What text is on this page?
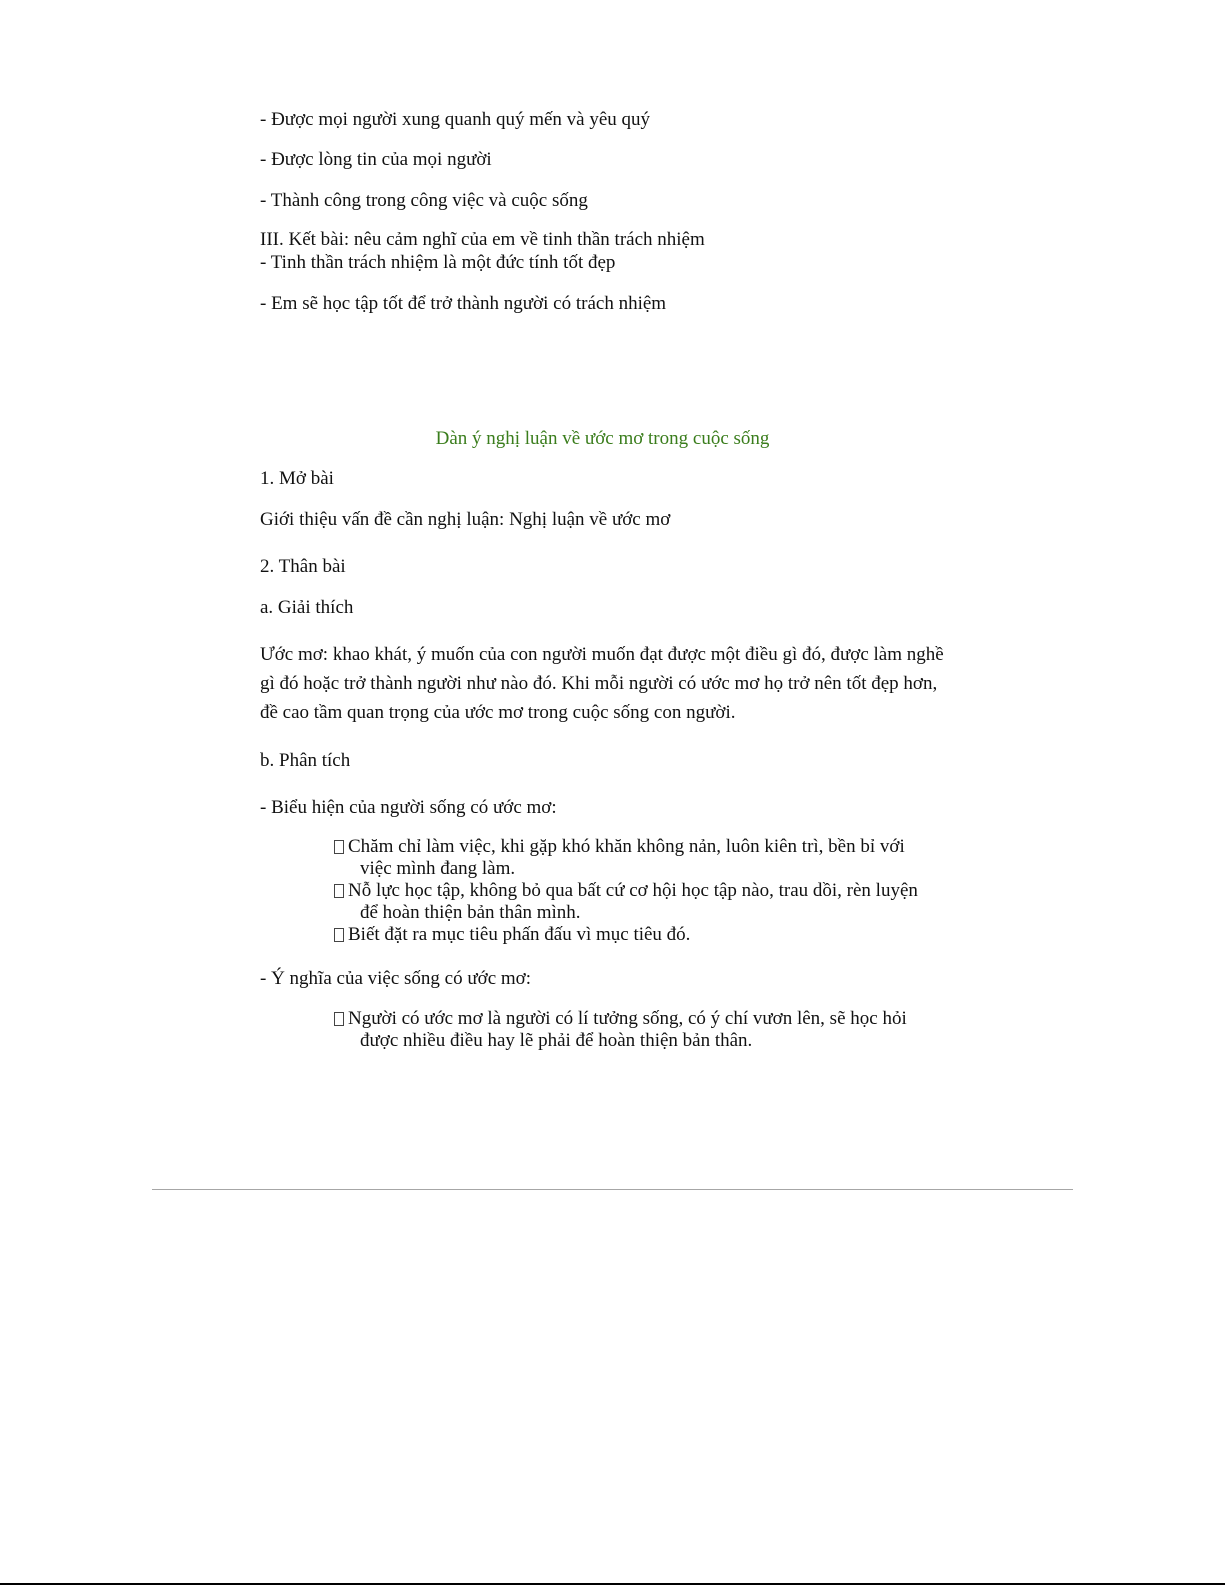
- Được mọi người xung quanh quý mến và yêu quý
- Được lòng tin của mọi người
- Thành công trong công việc và cuộc sống
III. Kết bài: nêu cảm nghĩ của em về tinh thần trách nhiệm
- Tinh thần trách nhiệm là một đức tính tốt đẹp
- Em sẽ học tập tốt để trở thành người có trách nhiệm
Dàn ý nghị luận về ước mơ trong cuộc sống
1. Mở bài
Giới thiệu vấn đề cần nghị luận: Nghị luận về ước mơ
2. Thân bài
a. Giải thích
Ước mơ: khao khát, ý muốn của con người muốn đạt được một điều gì đó, được làm nghề
gì đó hoặc trở thành người như nào đó. Khi mỗi người có ước mơ họ trở nên tốt đẹp hơn,
đề cao tầm quan trọng của ước mơ trong cuộc sống con người.
b. Phân tích
- Biểu hiện của người sống có ước mơ:
Chăm chỉ làm việc, khi gặp khó khăn không nản, luôn kiên trì, bền bỉ với
việc mình đang làm.
Nỗ lực học tập, không bỏ qua bất cứ cơ hội học tập nào, trau dồi, rèn luyện
để hoàn thiện bản thân mình.
Biết đặt ra mục tiêu phấn đấu vì mục tiêu đó.
- Ý nghĩa của việc sống có ước mơ:
Người có ước mơ là người có lí tưởng sống, có ý chí vươn lên, sẽ học hỏi
được nhiều điều hay lẽ phải để hoàn thiện bản thân.
